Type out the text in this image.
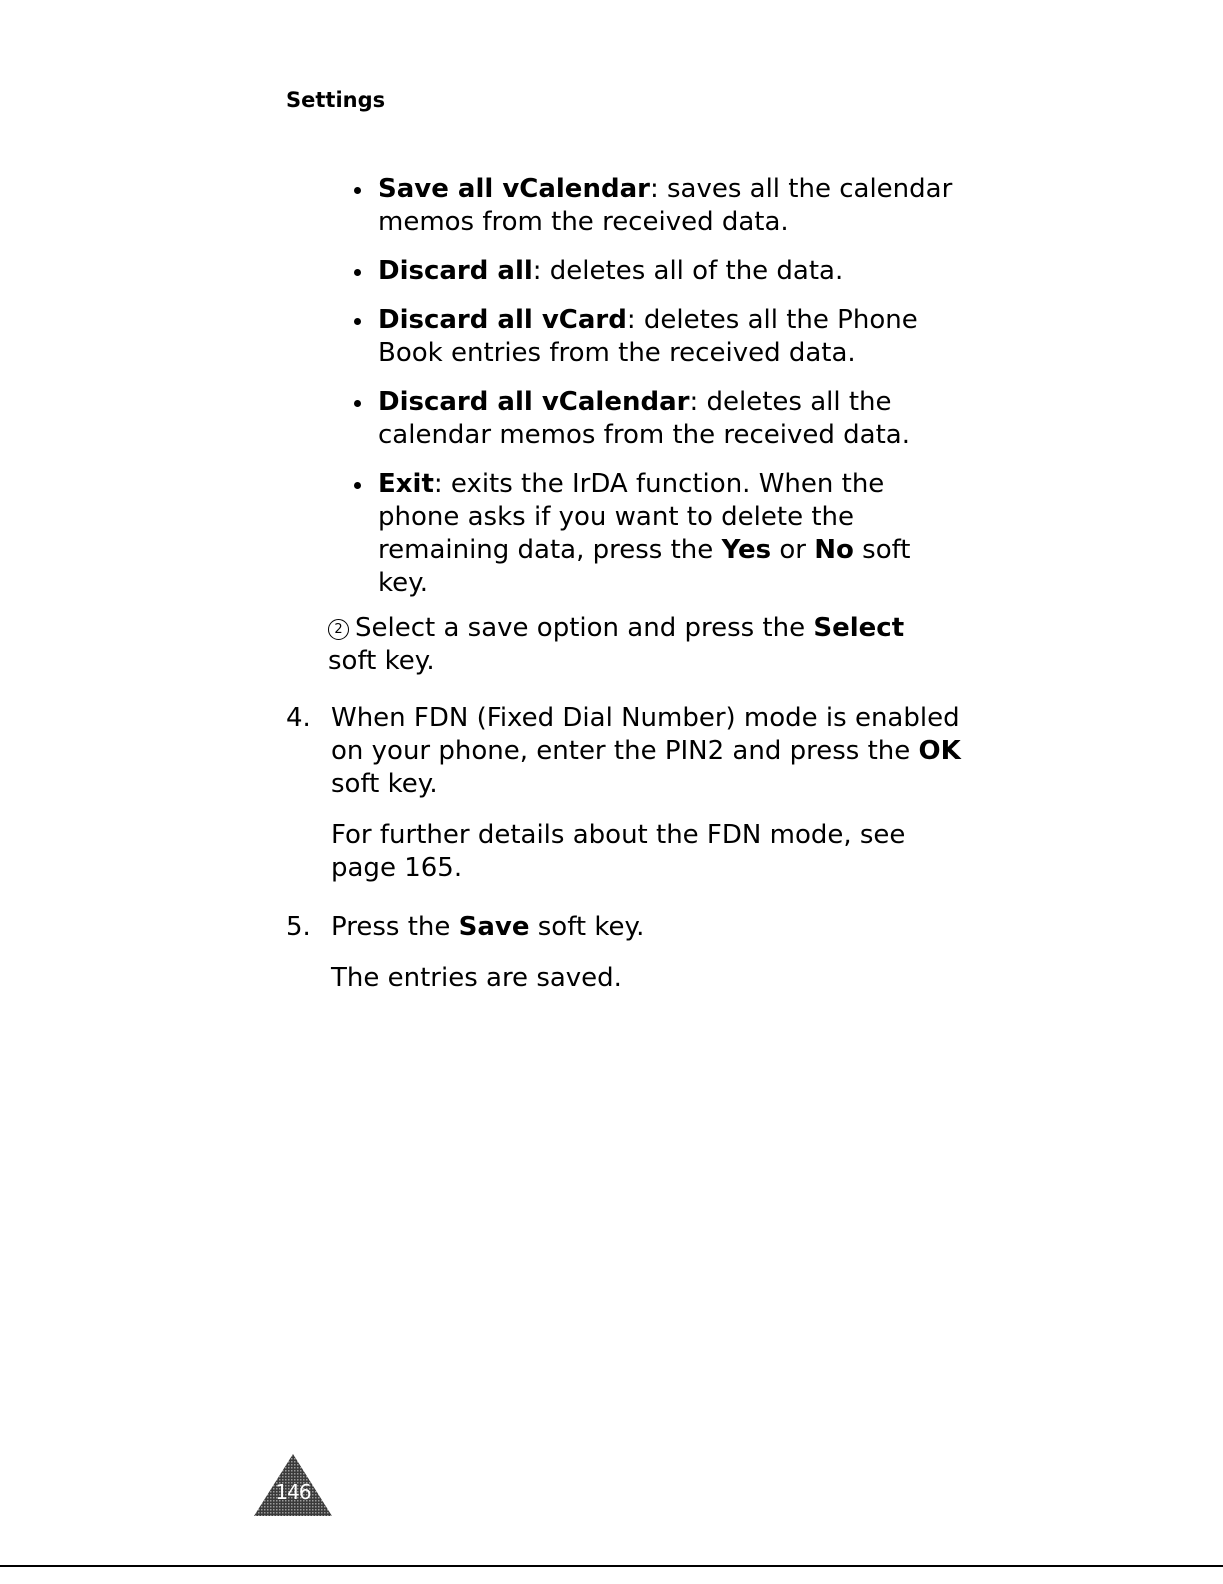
Settings
Save all vCalendar: saves all the calendar memos from the received data.
Discard all: deletes all of the data.
Discard all vCard: deletes all the Phone Book entries from the received data.
Discard all vCalendar: deletes all the calendar memos from the received data.
Exit: exits the IrDA function. When the phone asks if you want to delete the remaining data, press the Yes or No soft key.
2 Select a save option and press the Select soft key.
4. When FDN (Fixed Dial Number) mode is enabled on your phone, enter the PIN2 and press the OK soft key.
For further details about the FDN mode, see page 165.
5. Press the Save soft key.
The entries are saved.
146
